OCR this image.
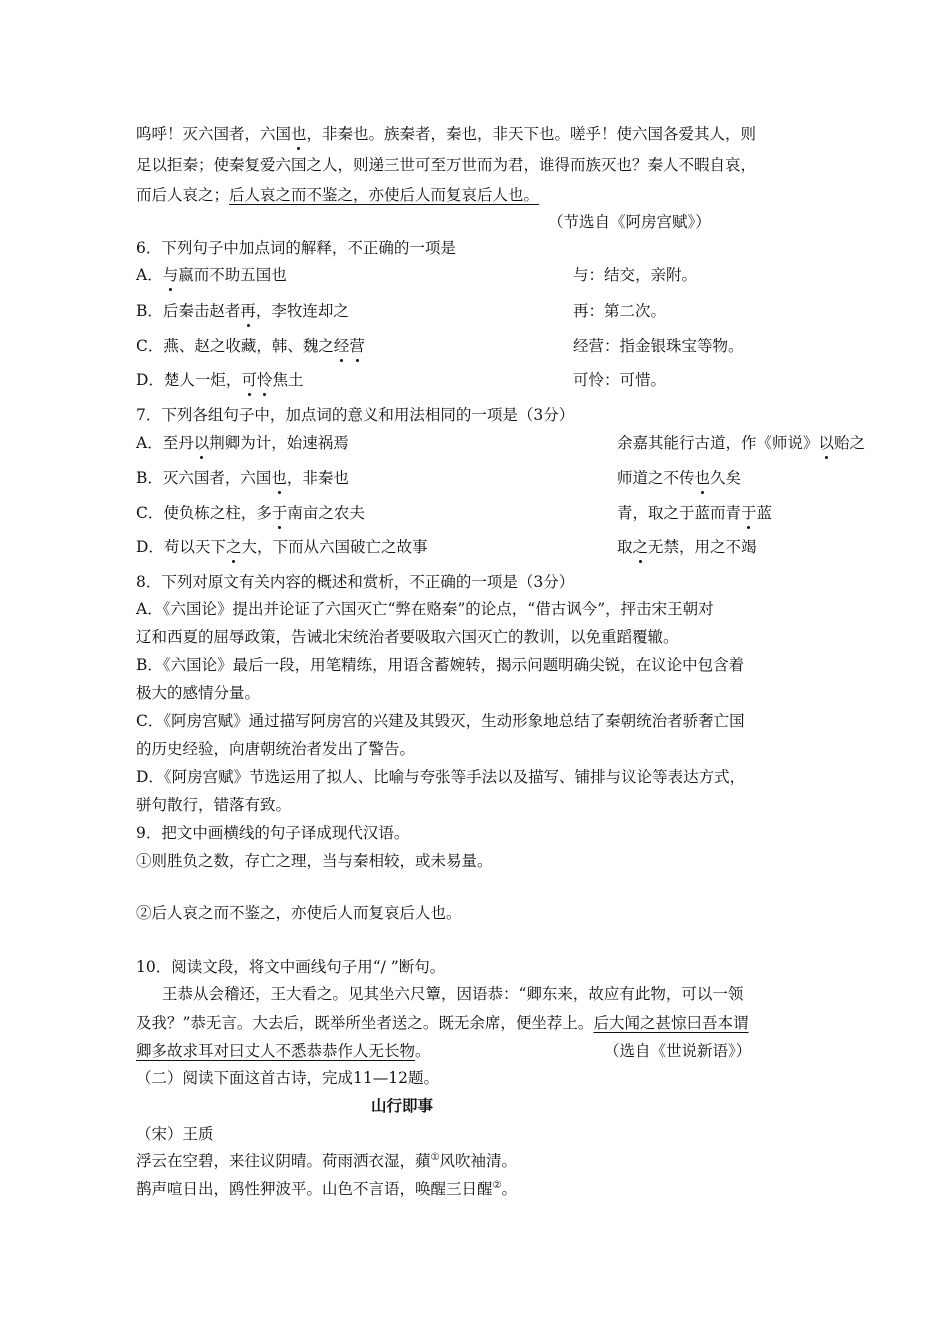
呜呼！灭六国者，六国也，非秦也。族秦者，秦也，非天下也。嗟乎！使六国各爱其人，则
足以拒秦；使秦复爱六国之人，则递三世可至万世而为君，谁得而族灭也？秦人不暇自哀，
而后人哀之；后人哀之而不鉴之，亦使后人而复哀后人也。
（节选自《阿房宫赋》）
6．下列句子中加点词的解释，不正确的一项是
A．与嬴而不助五国也	与：结交，亲附。
B．后秦击赵者再，李牧连却之	再：第二次。
C．燕、赵之收藏，韩、魏之经营	经营：指金银珠宝等物。
D．楚人一炬，可怜焦土	可怜：可惜。
7．下列各组句子中，加点词的意义和用法相同的一项是（3分）
A．至丹以荆卿为计，始速祸焉	余嘉其能行古道，作《师说》以贻之
B．灭六国者，六国也，非秦也	师道之不传也久矣
C．使负栋之柱，多于南亩之农夫	青，取之于蓝而青于蓝
D．苟以天下之大，下而从六国破亡之故事	取之无禁，用之不竭
8．下列对原文有关内容的概述和赏析，不正确的一项是（3分）
A．《六国论》提出并论证了六国灭亡“弊在赂秦”的论点，“借古讽今”，抨击宋王朝对
辽和西夏的屈辱政策，告诫北宋统治者要吸取六国灭亡的教训，以免重蹈覆辙。
B．《六国论》最后一段，用笔精练，用语含蓄婉转，揭示问题明确尖锐，在议论中包含着
极大的感情分量。
C．《阿房宫赋》通过描写阿房宫的兴建及其毁灭，生动形象地总结了秦朝统治者骄奢亡国
的历史经验，向唐朝统治者发出了警告。
D．《阿房宫赋》节选运用了拟人、比喻与夸张等手法以及描写、铺排与议论等表达方式，
骈句散行，错落有致。
9．把文中画横线的句子译成现代汉语。
①则胜负之数，存亡之理，当与秦相较，或未易量。
②后人哀之而不鉴之，亦使后人而复哀后人也。
10．阅读文段，将文中画线句子用“/ ”断句。
王恭从会稽还，王大看之。见其坐六尺簟，因语恭：“卿东来，故应有此物，可以一领
及我？”恭无言。大去后，既举所坐者送之。既无余席，便坐荐上。后大闻之甚惊曰吾本谓
卿多故求耳对曰丈人不悉恭恭作人无长物。	（选自《世说新语》）
（二）阅读下面这首古诗，完成11—12题。
山行即事
（宋）王质
浮云在空碧，来往议阴晴。荷雨洒衣湿，蘋①风吹袖清。
鹊声喧日出，鸥性狎波平。山色不言语，唤醒三日醒②。
